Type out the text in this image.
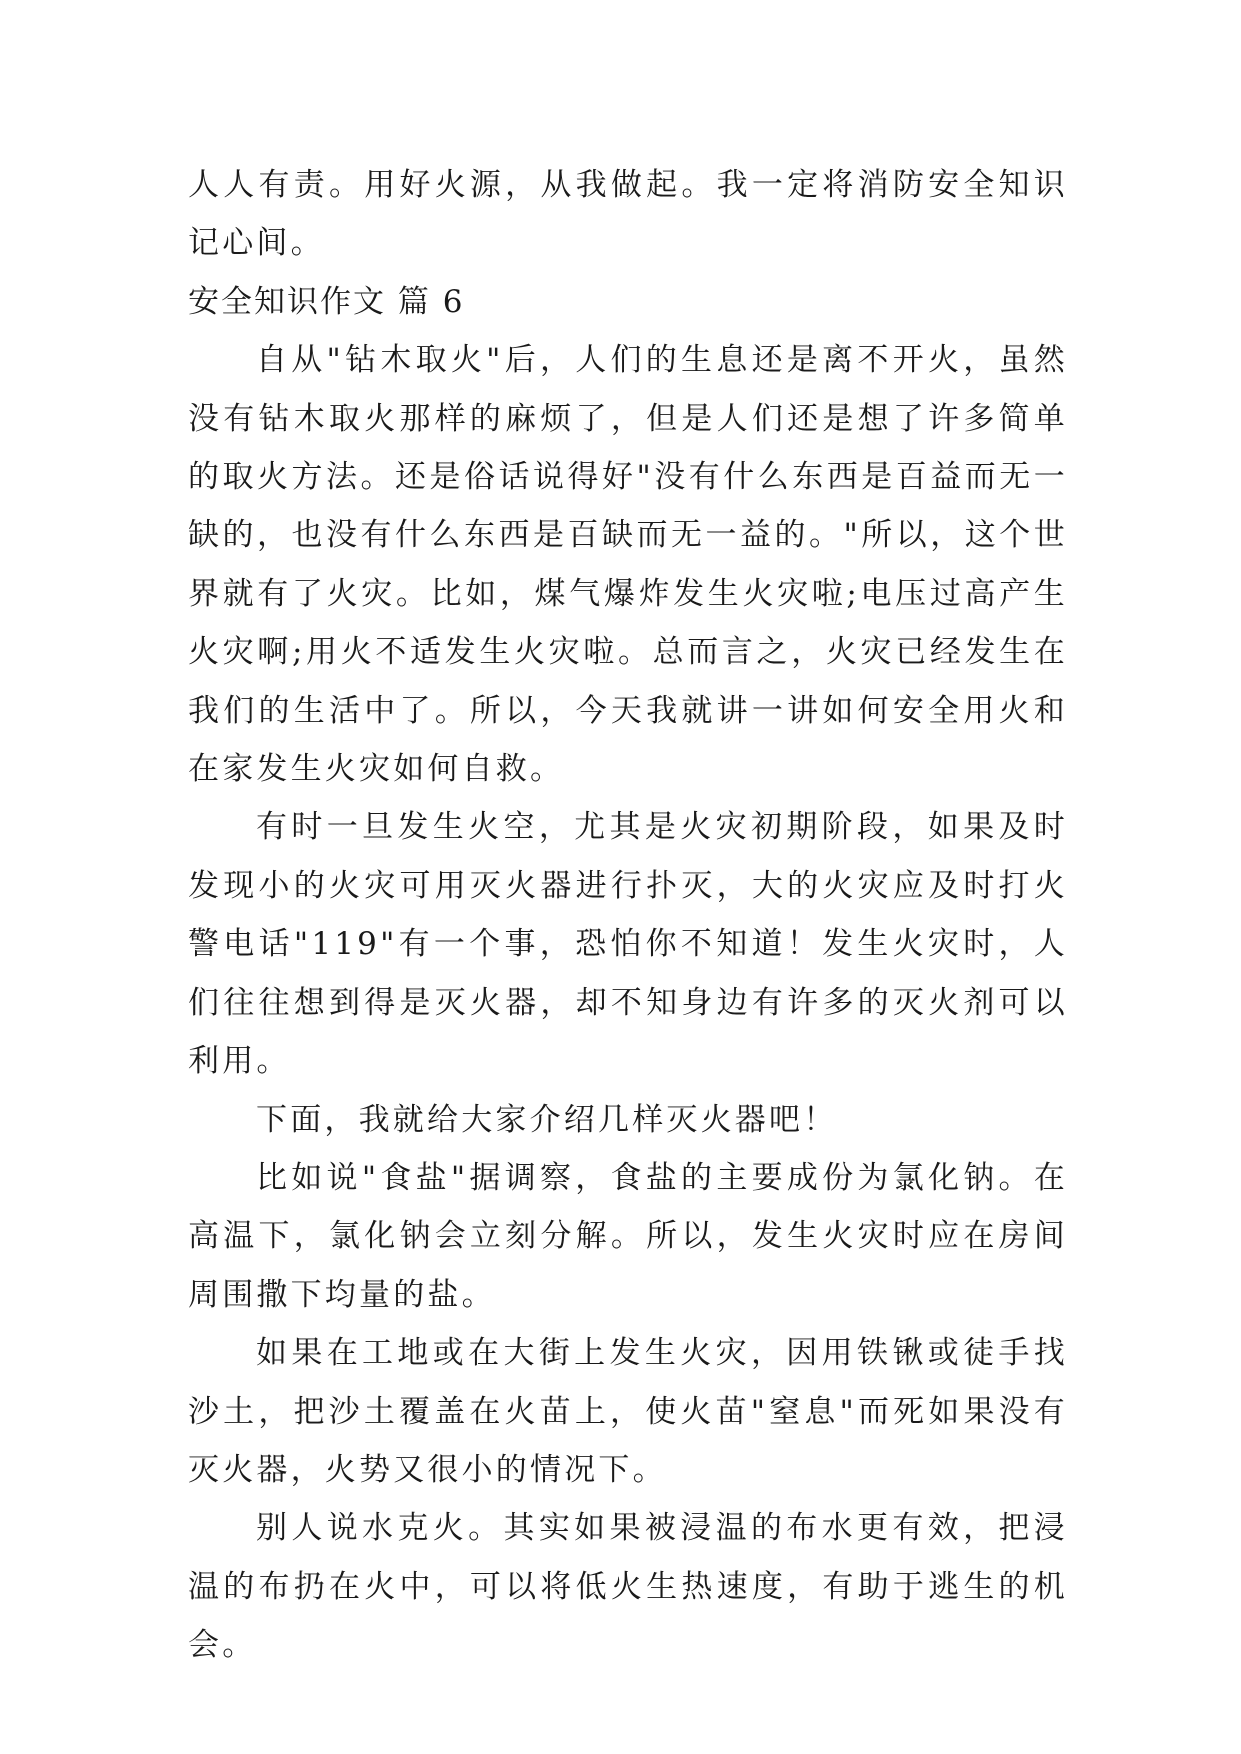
人人有责。用好火源，从我做起。我一定将消防安全知识记心间。

安全知识作文 篇 6

自从"钻木取火"后，人们的生息还是离不开火，虽然没有钻木取火那样的麻烦了，但是人们还是想了许多简单的取火方法。还是俗话说得好"没有什么东西是百益而无一缺的，也没有什么东西是百缺而无一益的。"所以，这个世界就有了火灾。比如，煤气爆炸发生火灾啦;电压过高产生火灾啊;用火不适发生火灾啦。总而言之，火灾已经发生在我们的生活中了。所以，今天我就讲一讲如何安全用火和在家发生火灾如何自救。

有时一旦发生火空，尤其是火灾初期阶段，如果及时发现小的火灾可用灭火器进行扑灭，大的火灾应及时打火警电话"119"有一个事，恐怕你不知道！发生火灾时，人们往往想到得是灭火器，却不知身边有许多的灭火剂可以利用。

下面，我就给大家介绍几样灭火器吧！

比如说"食盐"据调察，食盐的主要成份为氯化钠。在高温下，氯化钠会立刻分解。所以，发生火灾时应在房间周围撒下均量的盐。

如果在工地或在大街上发生火灾，因用铁锹或徒手找沙土，把沙土覆盖在火苗上，使火苗"窒息"而死如果没有灭火器，火势又很小的情况下。

别人说水克火。其实如果被浸温的布水更有效，把浸温的布扔在火中，可以将低火生热速度，有助于逃生的机会。
